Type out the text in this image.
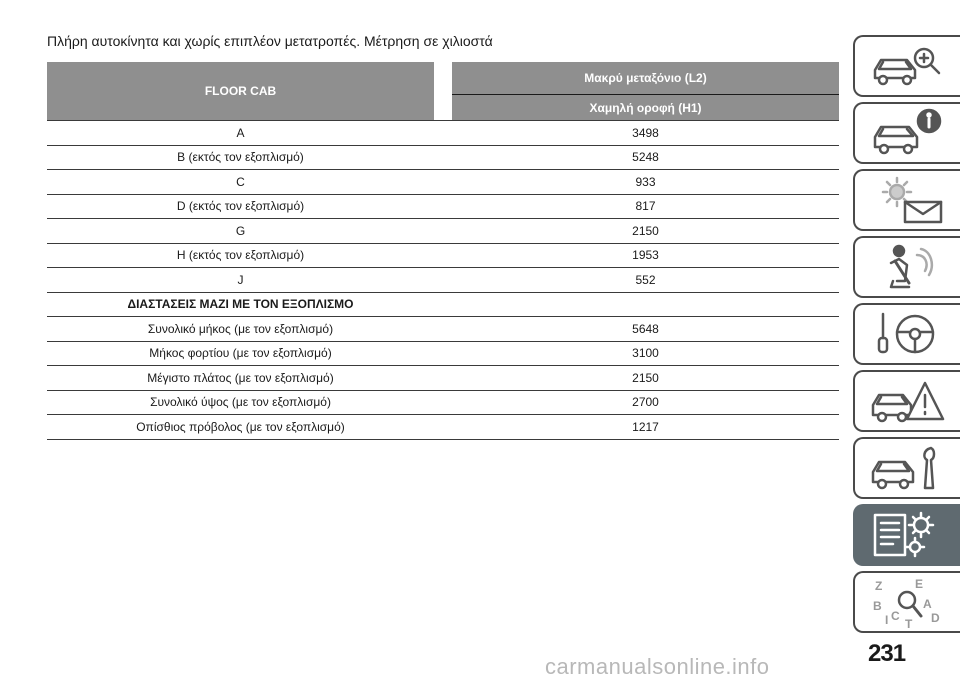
Πλήρη αυτοκίνητα και χωρίς επιπλέον μετατροπές. Μέτρηση σε χιλιοστά
FLOOR CAB		Μακρύ μεταξόνιο (L2)
		Χαμηλή οροφή (H1)
A		3498
B (εκτός τον εξοπλισμό)		5248
C		933
D (εκτός τον εξοπλισμό)		817
G		2150
H (εκτός τον εξοπλισμό)		1953
J		552
ΔΙΑΣΤΑΣΕΙΣ ΜΑΖΙ ΜΕ ΤΟΝ ΕΞΟΠΛΙΣΜΟ		
Συνολικό μήκος (με τον εξοπλισμό)		5648
Μήκος φορτίου (με τον εξοπλισμό)		3100
Μέγιστο πλάτος (με τον εξοπλισμό)		2150
Συνολικό ύψος (με τον εξοπλισμό)		2700
Οπίσθιος πρόβολος (με τον εξοπλισμό)		1217
Z	E
B	A
C	D
T
I
231
carmanualsonline.info
